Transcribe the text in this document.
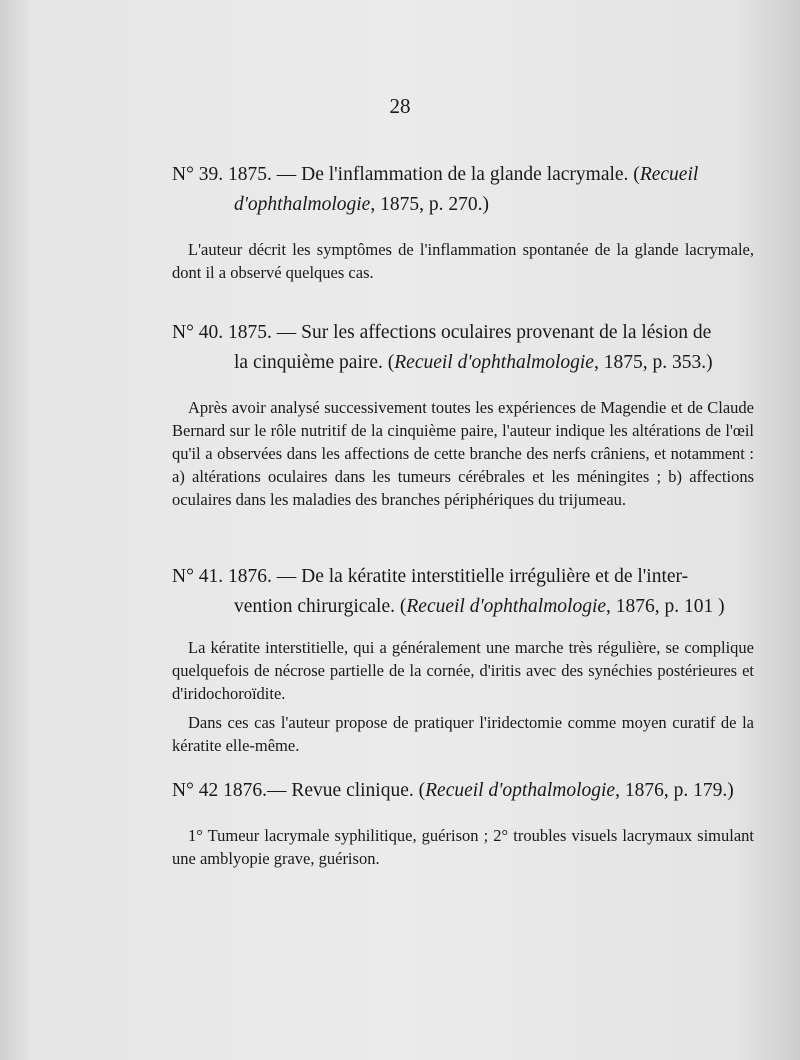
28
N° 39. 1875. — De l'inflammation de la glande lacrymale. (Recueil
d'ophthalmologie, 1875, p. 270.)

L'auteur décrit les symptômes de l'inflammation spontanée de la glande lacrymale, dont il a observé quelques cas.

N° 40. 1875. — Sur les affections oculaires provenant de la lésion de
la cinquième paire. (Recueil d'ophthalmologie, 1875, p. 353.)

Après avoir analysé successivement toutes les expériences de Magendie et de Claude Bernard sur le rôle nutritif de la cinquième paire, l'auteur indique les altérations de l'œil qu'il a observées dans les affections de cette branche des nerfs crâniens, et notamment : a) altérations oculaires dans les tumeurs cérébrales et les méningites ; b) affections oculaires dans les maladies des branches périphériques du trijumeau.

N° 41. 1876. — De la kératite interstitielle irrégulière et de l'inter-
vention chirurgicale. (Recueil d'ophthalmologie, 1876, p. 101 )

La kératite interstitielle, qui a généralement une marche très régulière, se complique quelquefois de nécrose partielle de la cornée, d'iritis avec des synéchies postérieures et d'iridochoroïdite.

Dans ces cas l'auteur propose de pratiquer l'iridectomie comme moyen curatif de la kératite elle-même.

N° 42 1876.— Revue clinique. (Recueil d'opthalmologie, 1876, p. 179.)

1° Tumeur lacrymale syphilitique, guérison ; 2° troubles visuels lacrymaux simulant une amblyopie grave, guérison.
